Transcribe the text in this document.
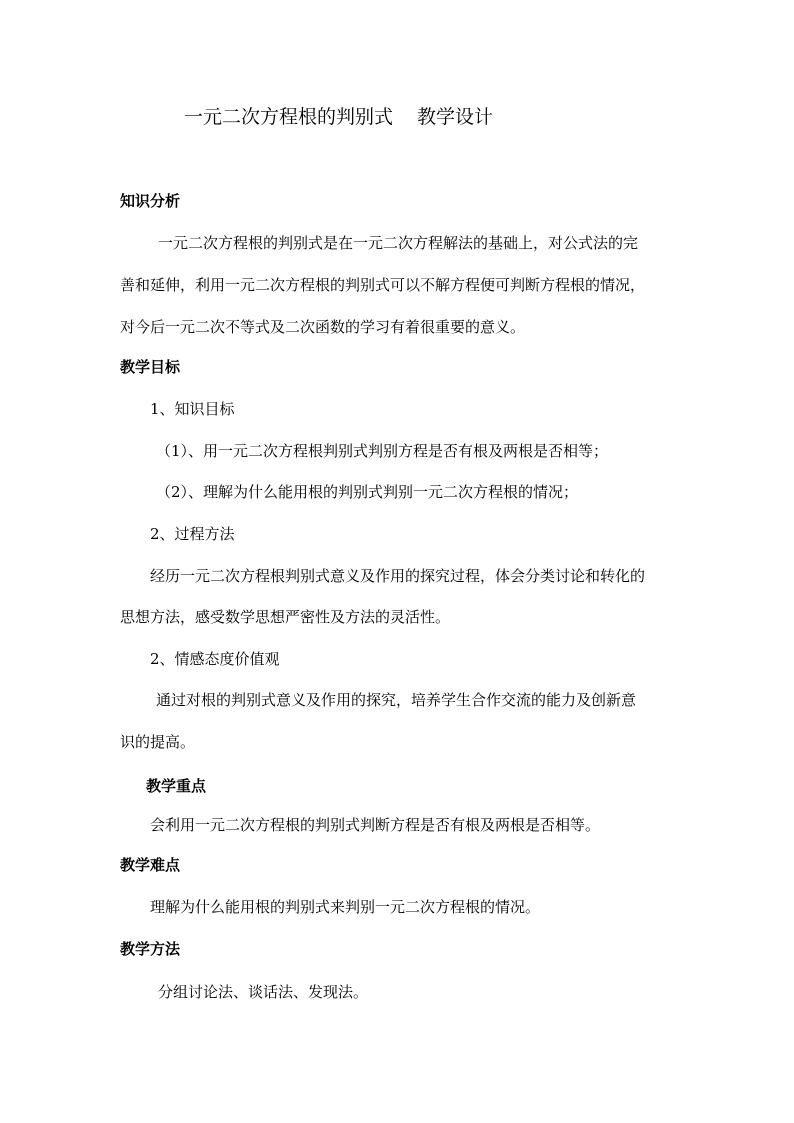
一元二次方程根的判别式 教学设计
知识分析
一元二次方程根的判别式是在一元二次方程解法的基础上，对公式法的完
善和延伸，利用一元二次方程根的判别式可以不解方程便可判断方程根的情况，
对今后一元二次不等式及二次函数的学习有着很重要的意义。
教学目标
1、知识目标
（1）、用一元二次方程根判别式判别方程是否有根及两根是否相等；
（2）、理解为什么能用根的判别式判别一元二次方程根的情况；
2、过程方法
经历一元二次方程根判别式意义及作用的探究过程，体会分类讨论和转化的
思想方法，感受数学思想严密性及方法的灵活性。
2、情感态度价值观
通过对根的判别式意义及作用的探究，培养学生合作交流的能力及创新意
识的提高。
教学重点
会利用一元二次方程根的判别式判断方程是否有根及两根是否相等。
教学难点
理解为什么能用根的判别式来判别一元二次方程根的情况。
教学方法
分组讨论法、谈话法、发现法。
